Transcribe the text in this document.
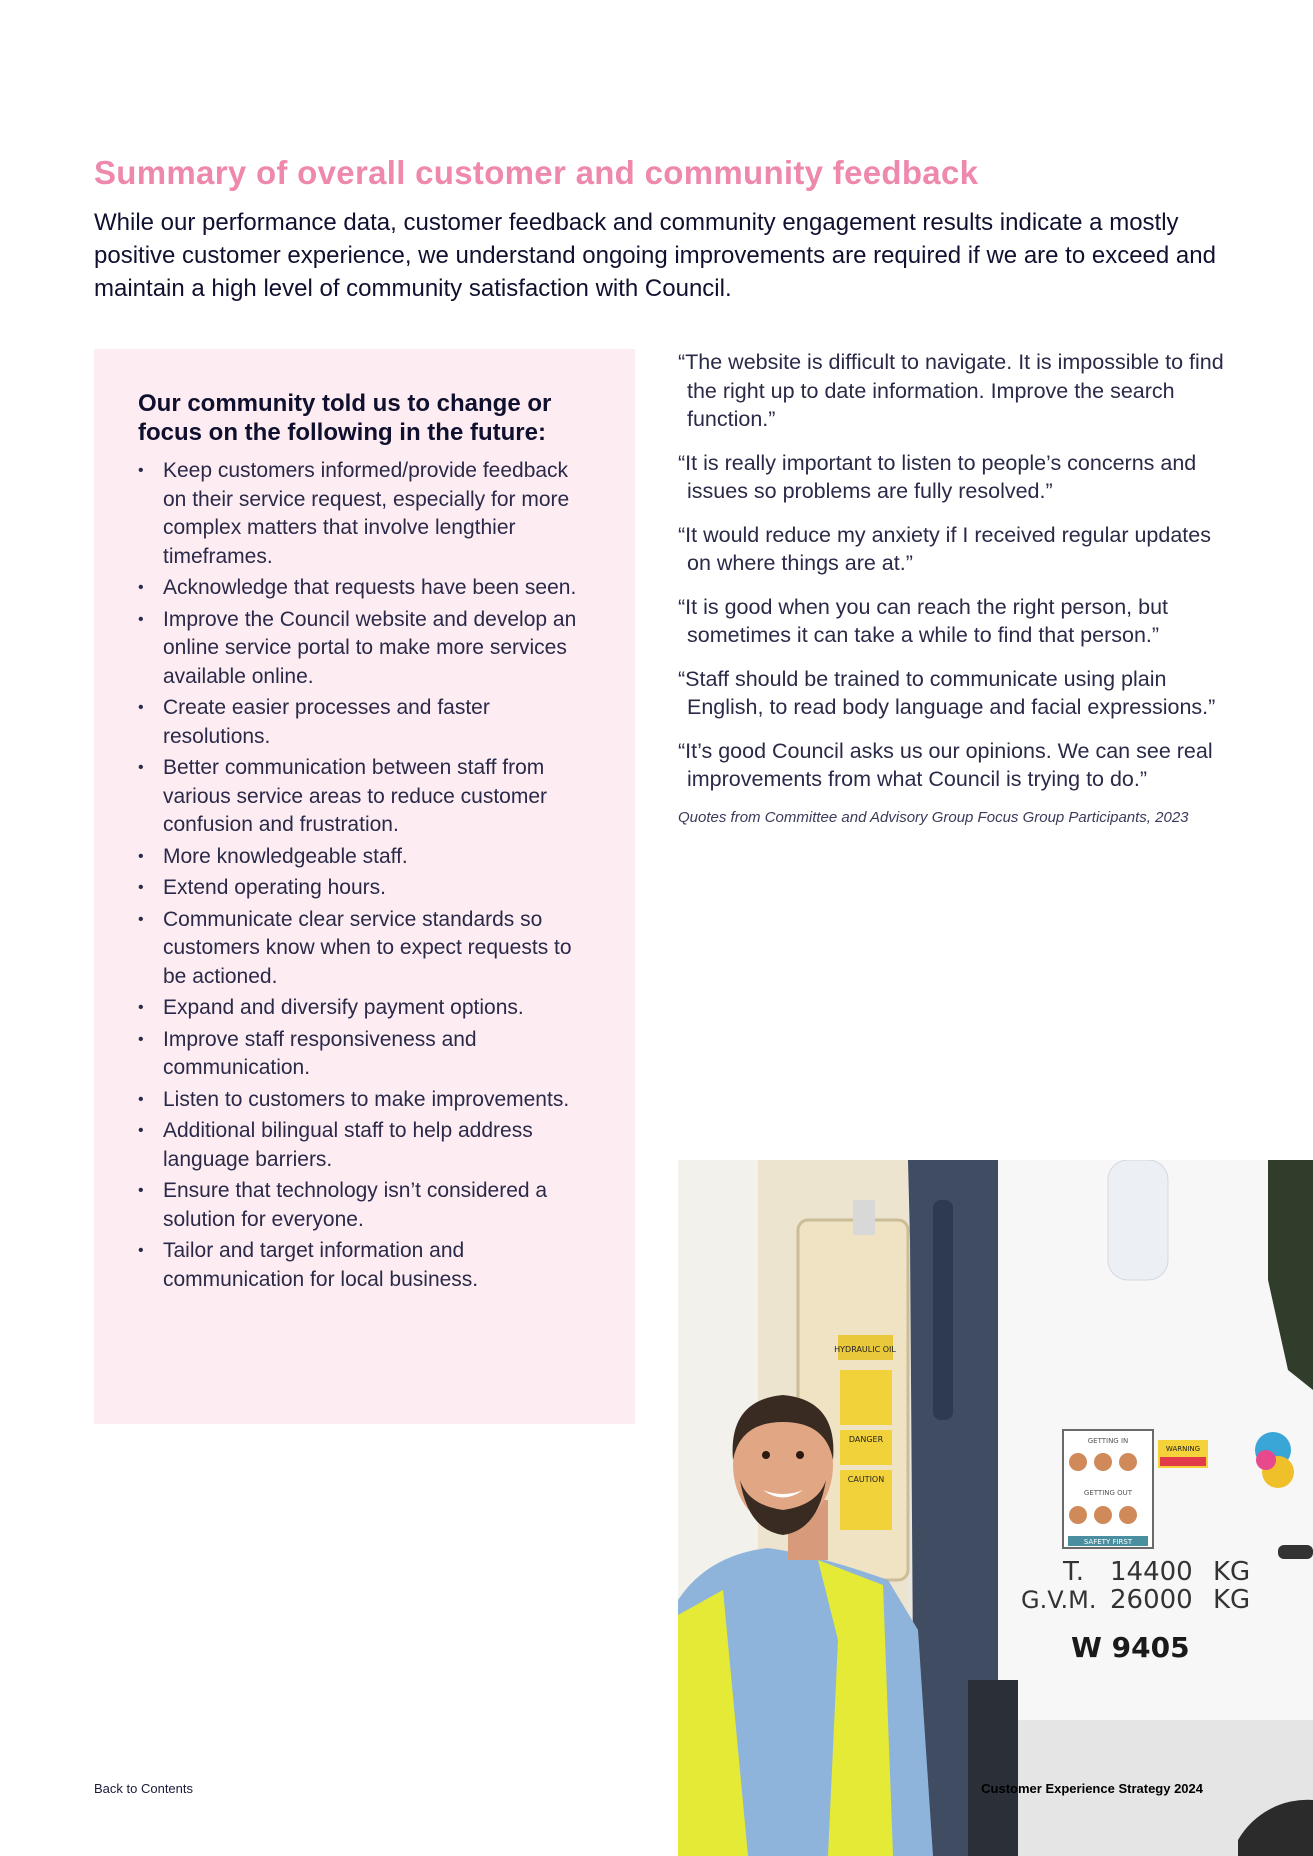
Summary of overall customer and community feedback

While our performance data, customer feedback and community engagement results indicate a mostly positive customer experience, we understand ongoing improvements are required if we are to exceed and maintain a high level of community satisfaction with Council.

Our community told us to change or focus on the following in the future:
• Keep customers informed/provide feedback on their service request, especially for more complex matters that involve lengthier timeframes.
• Acknowledge that requests have been seen.
• Improve the Council website and develop an online service portal to make more services available online.
• Create easier processes and faster resolutions.
• Better communication between staff from various service areas to reduce customer confusion and frustration.
• More knowledgeable staff.
• Extend operating hours.
• Communicate clear service standards so customers know when to expect requests to be actioned.
• Expand and diversify payment options.
• Improve staff responsiveness and communication.
• Listen to customers to make improvements.
• Additional bilingual staff to help address language barriers.
• Ensure that technology isn’t considered a solution for everyone.
• Tailor and target information and communication for local business.

“The website is difficult to navigate. It is impossible to find the right up to date information. Improve the search function.”

“It is really important to listen to people’s concerns and issues so problems are fully resolved.”

“It would reduce my anxiety if I received regular updates on where things are at.”

“It is good when you can reach the right person, but sometimes it can take a while to find that person.”

“Staff should be trained to communicate using plain English, to read body language and facial expressions.”

“It’s good Council asks us our opinions. We can see real improvements from what Council is trying to do.”

Quotes from Committee and Advisory Group Focus Group Participants, 2023

HYDRAULIC OIL
DANGER
CAUTION
GETTING IN
GETTING OUT
SAFETY FIRST
WARNING
T. 14400 KG
G.V.M. 26000 KG
W 9405
Back to Contents	Customer Experience Strategy 2024
